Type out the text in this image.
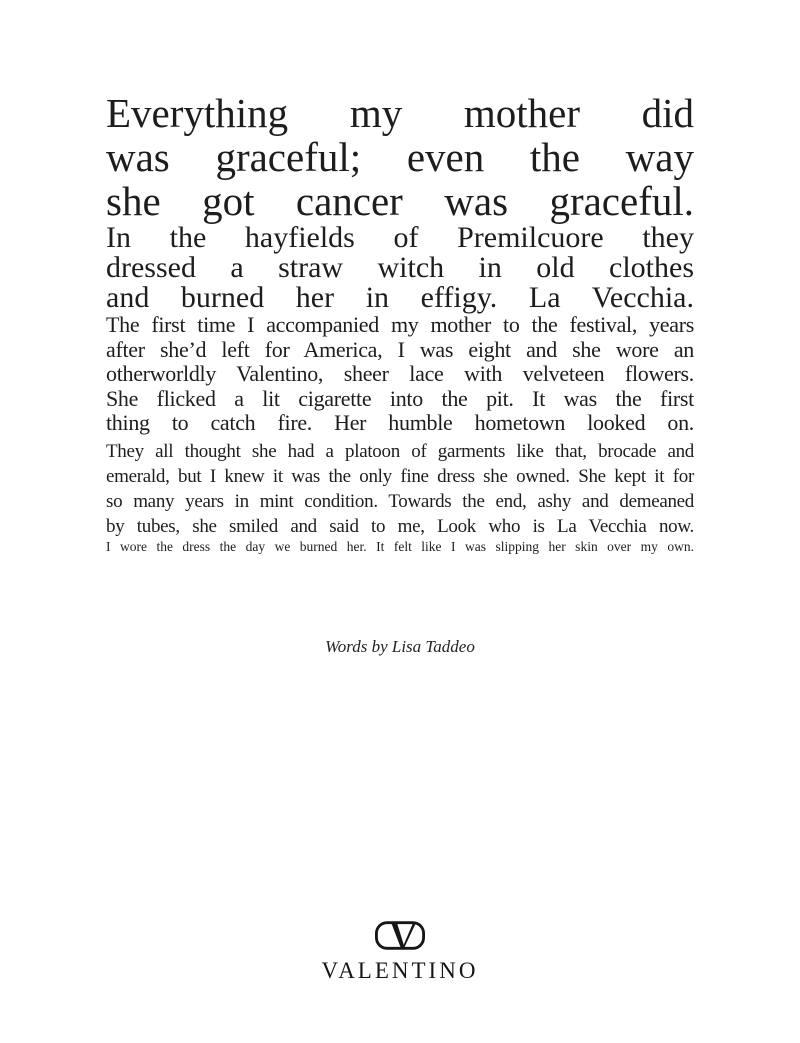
Everything my mother did
was graceful; even the way
she got cancer was graceful.
In the hayfields of Premilcuore they
dressed a straw witch in old clothes
and burned her in effigy. La Vecchia.
The first time I accompanied my mother to the festival, years
after she’d left for America, I was eight and she wore an
otherworldly Valentino, sheer lace with velveteen flowers.
She flicked a lit cigarette into the pit. It was the first
thing to catch fire. Her humble hometown looked on.
They all thought she had a platoon of garments like that, brocade and
emerald, but I knew it was the only fine dress she owned. She kept it for
so many years in mint condition. Towards the end, ashy and demeaned
by tubes, she smiled and said to me, Look who is La Vecchia now.
I wore the dress the day we burned her. It felt like I was slipping her skin over my own.
Words by Lisa Taddeo
VALENTINO
